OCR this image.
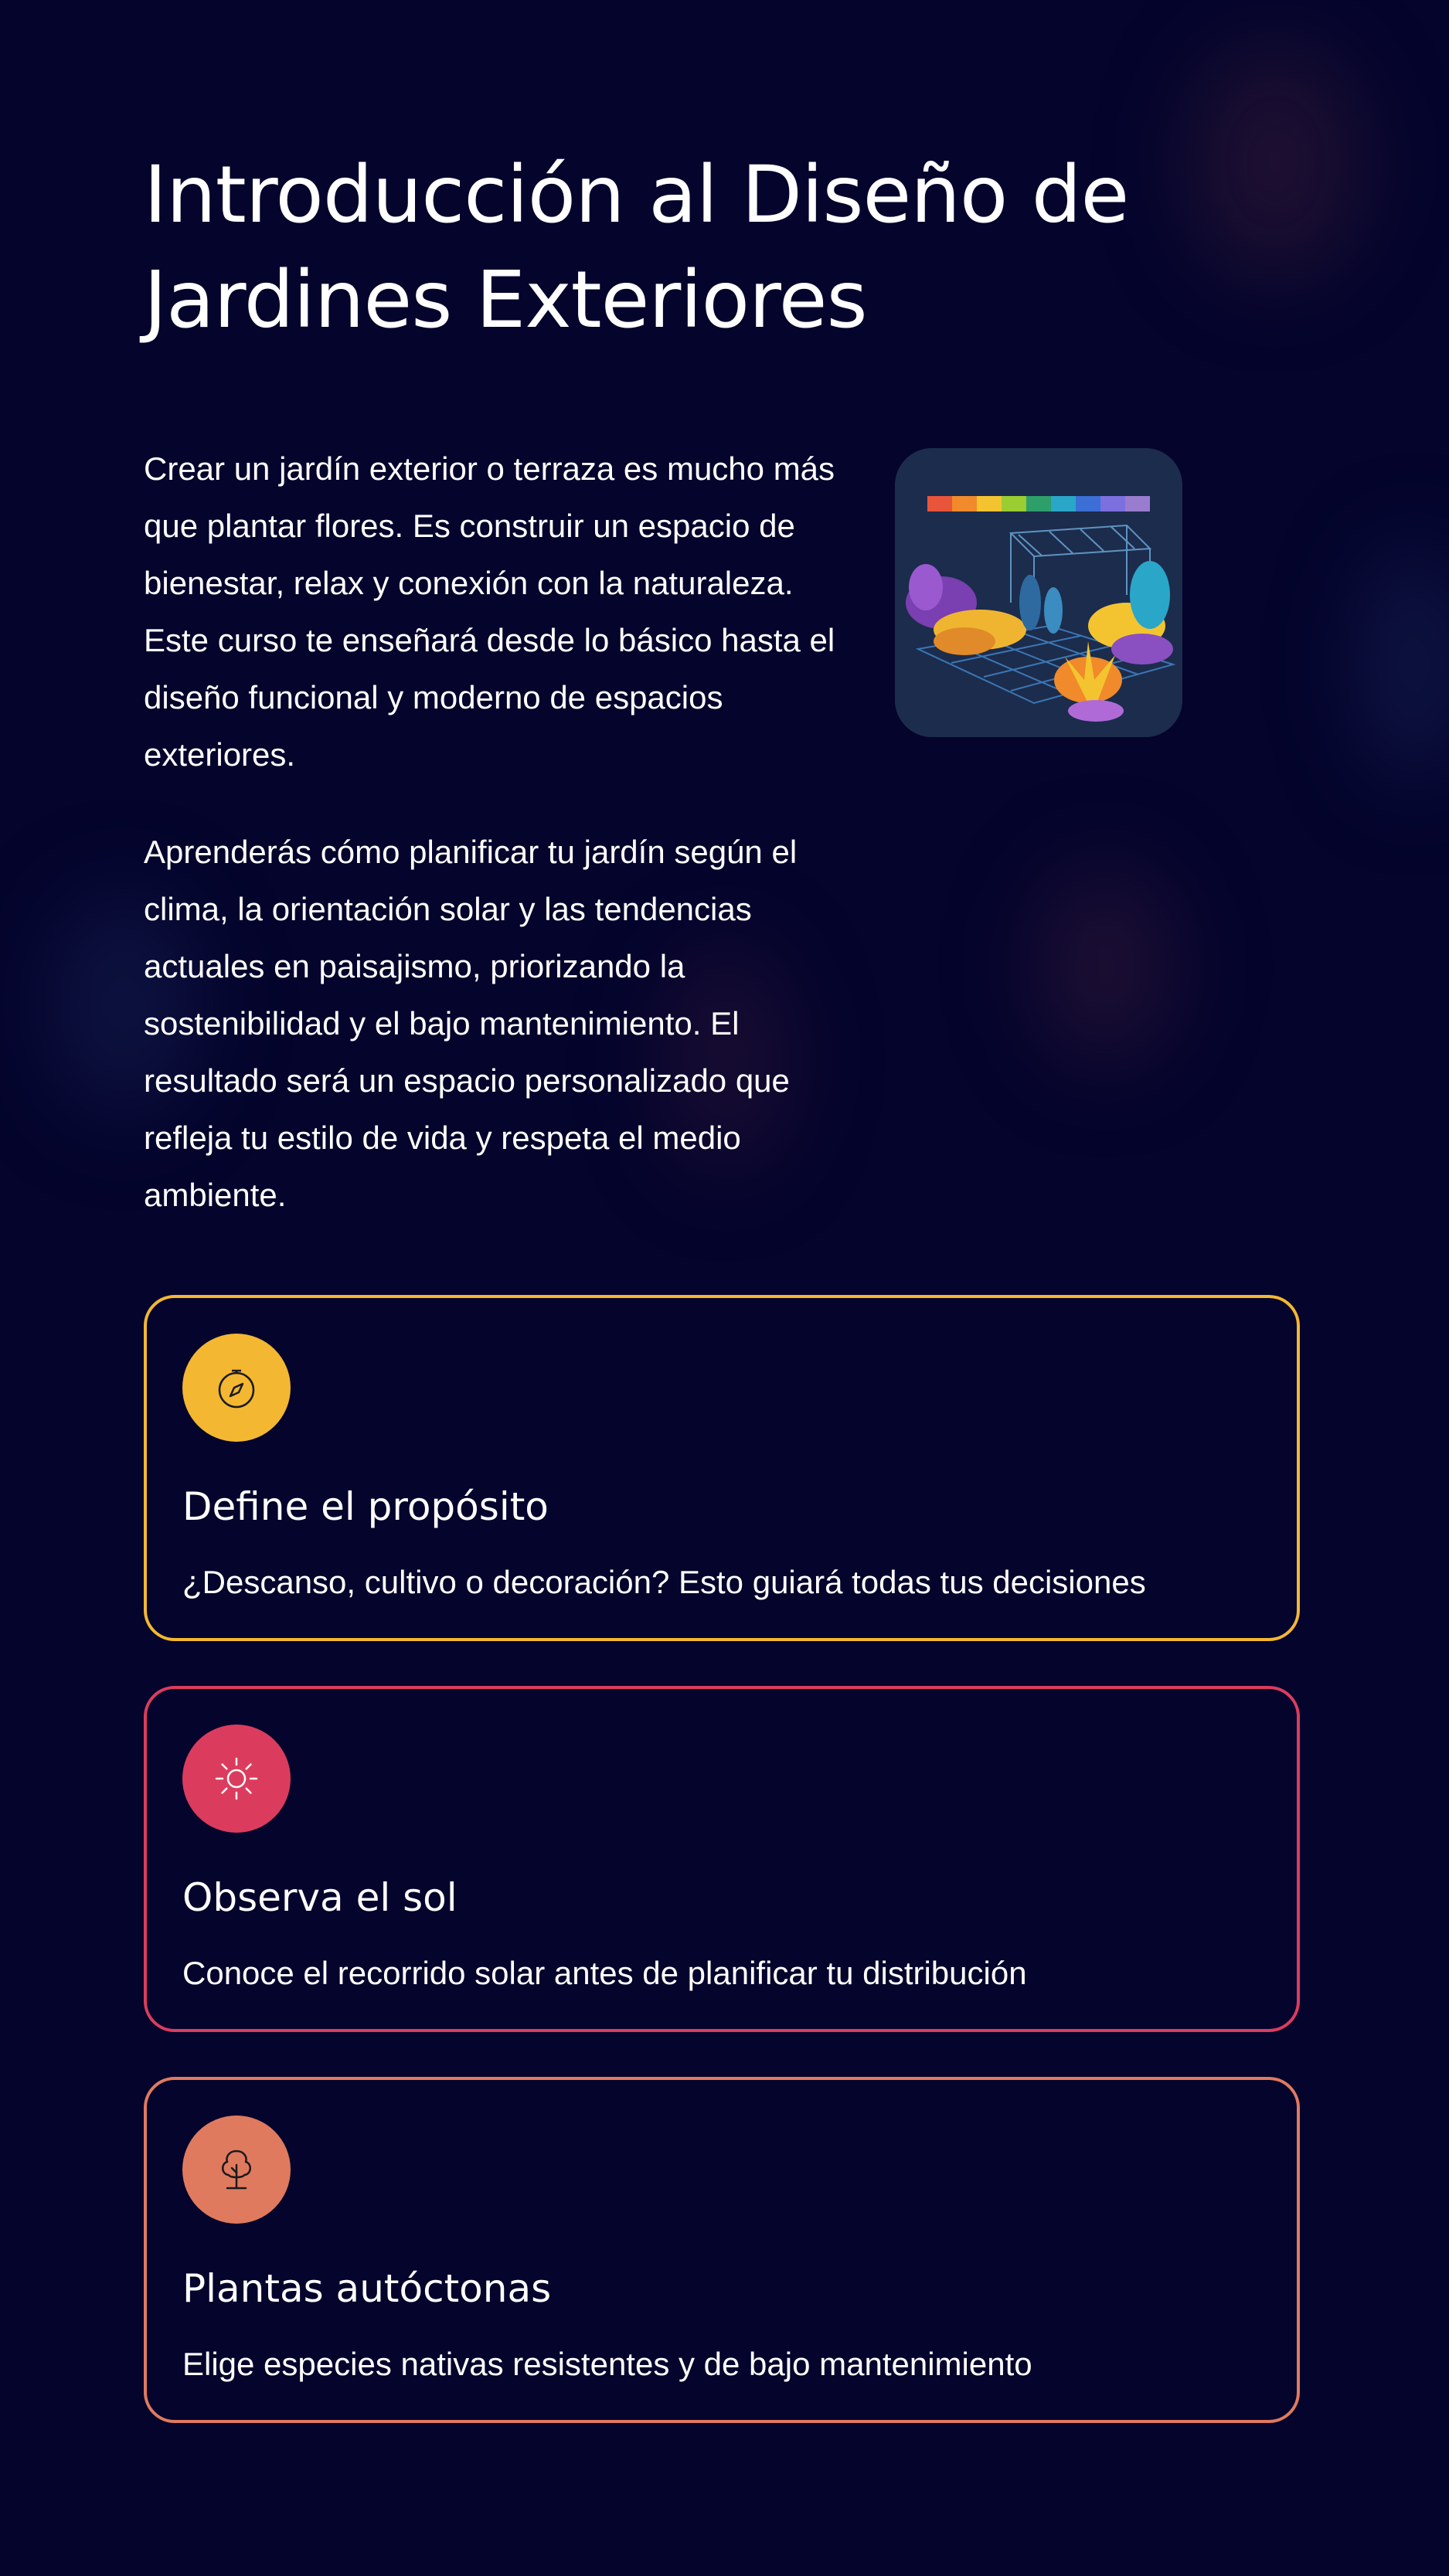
Introducción al Diseño de Jardines Exteriores

Crear un jardín exterior o terraza es mucho más que plantar flores. Es construir un espacio de bienestar, relax y conexión con la naturaleza. Este curso te enseñará desde lo básico hasta el diseño funcional y moderno de espacios exteriores.

Aprenderás cómo planificar tu jardín según el clima, la orientación solar y las tendencias actuales en paisajismo, priorizando la sostenibilidad y el bajo mantenimiento. El resultado será un espacio personalizado que refleja tu estilo de vida y respeta el medio ambiente.

Define el propósito

¿Descanso, cultivo o decoración? Esto guiará todas tus decisiones

Observa el sol

Conoce el recorrido solar antes de planificar tu distribución

Plantas autóctonas

Elige especies nativas resistentes y de bajo mantenimiento
